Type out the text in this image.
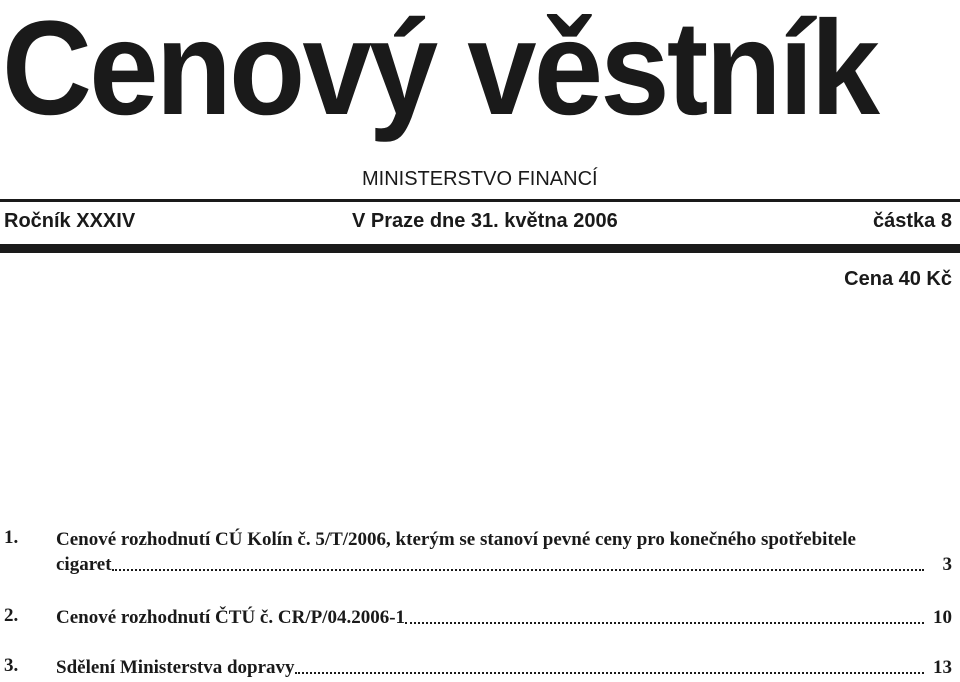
Cenový věstník
MINISTERSTVO FINANCÍ
Ročník XXXIV	V Praze dne 31. května 2006	částka 8
Cena 40 Kč
1. Cenové rozhodnutí CÚ Kolín č. 5/T/2006, kterým se stanoví pevné ceny pro konečného spotřebitele
cigaret	3
2. Cenové rozhodnutí ČTÚ č. CR/P/04.2006-1	10
3. Sdělení Ministerstva dopravy	13
